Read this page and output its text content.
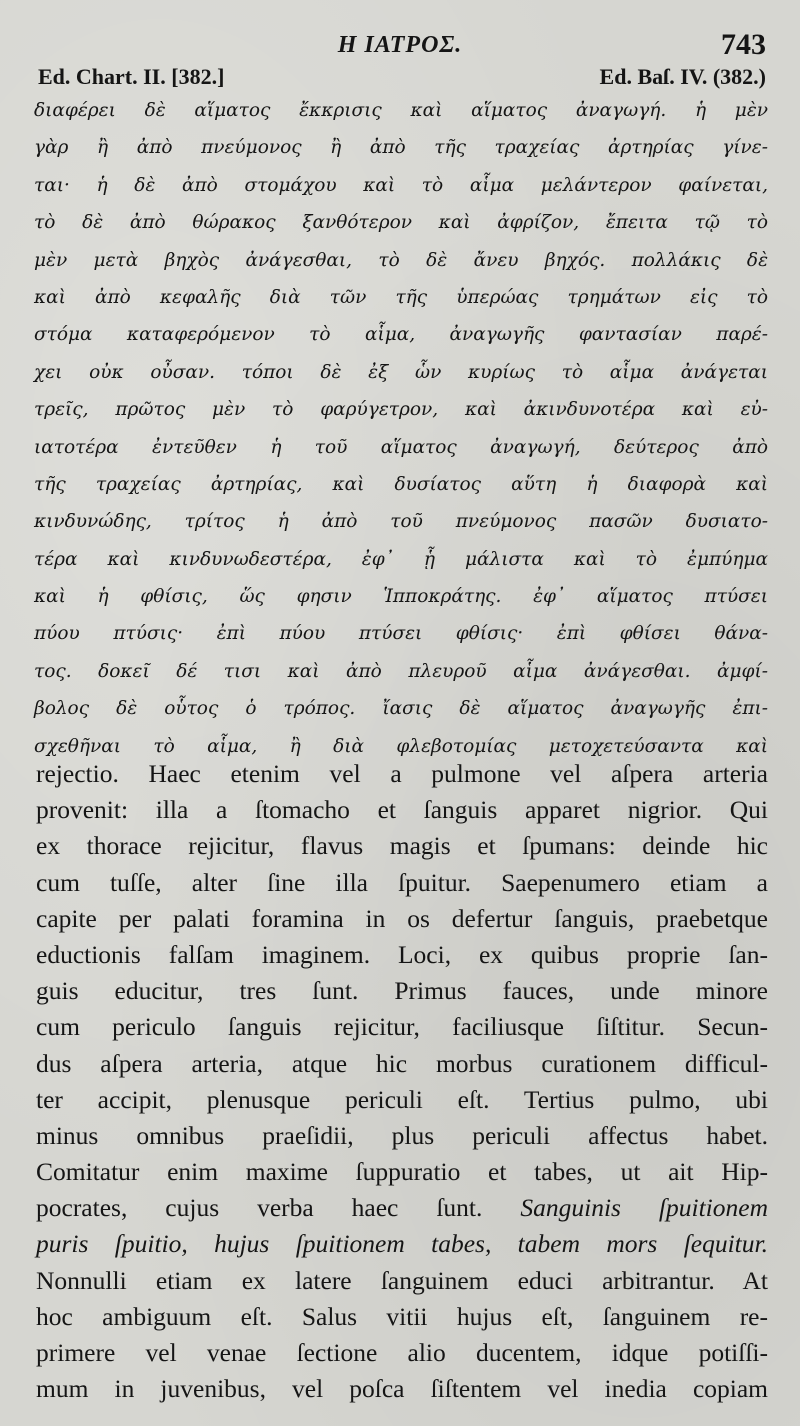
Η ΙΑΤΡΟΣ.	743
Ed. Chart. II. [382.]	Ed. Baſ. IV. (382.)
διαφέρει δὲ αἵματος ἔκκρισις καὶ αἵματος ἀναγωγή. ἡ μὲν
γὰρ ἢ ἀπὸ πνεύμονος ἢ ἀπὸ τῆς τραχείας ἀρτηρίας γίνε-
ται· ἡ δὲ ἀπὸ στομάχου καὶ τὸ αἷμα μελάντερον φαίνεται,
τὸ δὲ ἀπὸ θώρακος ξανθότερον καὶ ἀφρίζον, ἔπειτα τῷ τὸ
μὲν μετὰ βηχὸς ἀνάγεσθαι, τὸ δὲ ἄνευ βηχός. πολλάκις δὲ
καὶ ἀπὸ κεφαλῆς διὰ τῶν τῆς ὑπερώας τρημάτων εἰς τὸ
στόμα καταφερόμενον τὸ αἷμα, ἀναγωγῆς φαντασίαν παρέ-
χει οὐκ οὖσαν. τόποι δὲ ἐξ ὧν κυρίως τὸ αἷμα ἀνάγεται
τρεῖς, πρῶτος μὲν τὸ φαρύγετρον, καὶ ἀκινδυνοτέρα καὶ εὐ-
ιατοτέρα ἐντεῦθεν ἡ τοῦ αἵματος ἀναγωγή, δεύτερος ἀπὸ
τῆς τραχείας ἀρτηρίας, καὶ δυσίατος αὕτη ἡ διαφορὰ καὶ
κινδυνώδης, τρίτος ἡ ἀπὸ τοῦ πνεύμονος πασῶν δυσιατο-
τέρα καὶ κινδυνωδεστέρα, ἐφ᾿ ᾗ μάλιστα καὶ τὸ ἐμπύημα
καὶ ἡ φθίσις, ὥς φησιν Ἱπποκράτης. ἐφ᾿ αἵματος πτύσει
πύου πτύσις· ἐπὶ πύου πτύσει φθίσις· ἐπὶ φθίσει θάνα-
τος. δοκεῖ δέ τισι καὶ ἀπὸ πλευροῦ αἷμα ἀνάγεσθαι. ἀμφί-
βολος δὲ οὗτος ὁ τρόπος. ἴασις δὲ αἵματος ἀναγωγῆς ἐπι-
σχεθῆναι τὸ αἷμα, ἢ διὰ φλεβοτομίας μετοχετεύσαντα καὶ
rejectio. Haec etenim vel a pulmone vel aſpera arteria
provenit: illa a ſtomacho et ſanguis apparet nigrior. Qui
ex thorace rejicitur, flavus magis et ſpumans: deinde hic
cum tuſſe, alter ſine illa ſpuitur. Saepenumero etiam a
capite per palati foramina in os defertur ſanguis, praebetque
eductionis falſam imaginem. Loci, ex quibus proprie ſan-
guis educitur, tres ſunt. Primus fauces, unde minore
cum periculo ſanguis rejicitur, faciliusque ſiſtitur. Secun-
dus aſpera arteria, atque hic morbus curationem difficul-
ter accipit, plenusque periculi eſt. Tertius pulmo, ubi
minus omnibus praeſidii, plus periculi affectus habet.
Comitatur enim maxime ſuppuratio et tabes, ut ait Hip-
pocrates, cujus verba haec ſunt. Sanguinis ſpuitionem
puris ſpuitio, hujus ſpuitionem tabes, tabem mors ſequitur.
Nonnulli etiam ex latere ſanguinem educi arbitrantur. At
hoc ambiguum eſt. Salus vitii hujus eſt, ſanguinem re-
primere vel venae ſectione alio ducentem, idque potiſſi-
mum in juvenibus, vel poſca ſiſtentem vel inedia copiam
